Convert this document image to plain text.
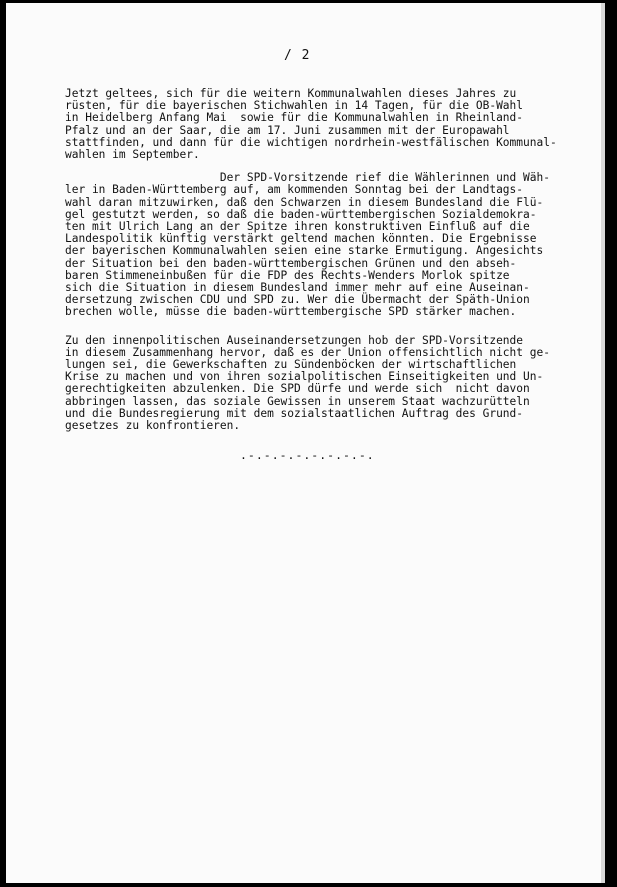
/ 2
Jetzt geltees, sich für die weitern Kommunalwahlen dieses Jahres zu
rüsten, für die bayerischen Stichwahlen in 14 Tagen, für die OB-Wahl
in Heidelberg Anfang Mai  sowie für die Kommunalwahlen in Rheinland-
Pfalz und an der Saar, die am 17. Juni zusammen mit der Europawahl
stattfinden, und dann für die wichtigen nordrhein-westfälischen Kommunal-
wahlen im September.
Der SPD-Vorsitzende rief die Wählerinnen und Wäh-
ler in Baden-Württemberg auf, am kommenden Sonntag bei der Landtags-
wahl daran mitzuwirken, daß den Schwarzen in diesem Bundesland die Flü-
gel gestutzt werden, so daß die baden-württembergischen Sozialdemokra-
ten mit Ulrich Lang an der Spitze ihren konstruktiven Einfluß auf die
Landespolitik künftig verstärkt geltend machen könnten. Die Ergebnisse
der bayerischen Kommunalwahlen seien eine starke Ermutigung. Angesichts
der Situation bei den baden-württembergischen Grünen und den abseh-
baren Stimmeneinbußen für die FDP des Rechts-Wenders Morlok spitze
sich die Situation in diesem Bundesland immer mehr auf eine Auseinan-
dersetzung zwischen CDU und SPD zu. Wer die Übermacht der Späth-Union
brechen wolle, müsse die baden-württembergische SPD stärker machen.
Zu den innenpolitischen Auseinandersetzungen hob der SPD-Vorsitzende
in diesem Zusammenhang hervor, daß es der Union offensichtlich nicht ge-
lungen sei, die Gewerkschaften zu Sündenböcken der wirtschaftlichen
Krise zu machen und von ihren sozialpolitischen Einseitigkeiten und Un-
gerechtigkeiten abzulenken. Die SPD dürfe und werde sich  nicht davon
abbringen lassen, das soziale Gewissen in unserem Staat wachzurütteln
und die Bundesregierung mit dem sozialstaatlichen Auftrag des Grund-
gesetzes zu konfrontieren.
.-.-.-.-.-.-.-.-.
